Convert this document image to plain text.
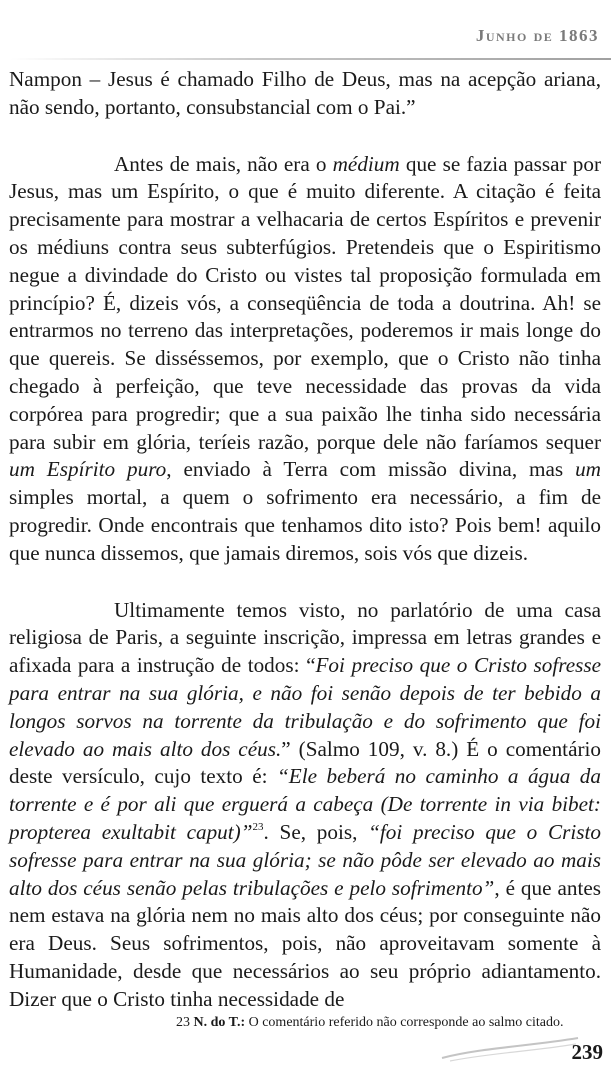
Junho de 1863

Nampon – Jesus é chamado Filho de Deus, mas na acepção ariana, não sendo, portanto, consubstancial com o Pai.”

Antes de mais, não era o médium que se fazia passar por Jesus, mas um Espírito, o que é muito diferente. A citação é feita precisamente para mostrar a velhacaria de certos Espíritos e prevenir os médiuns contra seus subterfúgios. Pretendeis que o Espiritismo negue a divindade do Cristo ou vistes tal proposição formulada em princípio? É, dizeis vós, a conseqüência de toda a doutrina. Ah! se entrarmos no terreno das interpretações, poderemos ir mais longe do que quereis. Se disséssemos, por exemplo, que o Cristo não tinha chegado à perfeição, que teve necessidade das provas da vida corpórea para progredir; que a sua paixão lhe tinha sido necessária para subir em glória, teríeis razão, porque dele não faríamos sequer um Espírito puro, enviado à Terra com missão divina, mas um simples mortal, a quem o sofrimento era necessário, a fim de progredir. Onde encontrais que tenhamos dito isto? Pois bem! aquilo que nunca dissemos, que jamais diremos, sois vós que dizeis.

Ultimamente temos visto, no parlatório de uma casa religiosa de Paris, a seguinte inscrição, impressa em letras grandes e afixada para a instrução de todos: “Foi preciso que o Cristo sofresse para entrar na sua glória, e não foi senão depois de ter bebido a longos sorvos na torrente da tribulação e do sofrimento que foi elevado ao mais alto dos céus.” (Salmo 109, v. 8.) É o comentário deste versículo, cujo texto é: “Ele beberá no caminho a água da torrente e é por ali que erguerá a cabeça (De torrente in via bibet: propterea exultabit caput)”$^{23}$. Se, pois, “foi preciso que o Cristo sofresse para entrar na sua glória; se não pôde ser elevado ao mais alto dos céus senão pelas tribulações e pelo sofrimento”, é que antes nem estava na glória nem no mais alto dos céus; por conseguinte não era Deus. Seus sofrimentos, pois, não aproveitavam somente à Humanidade, desde que necessários ao seu próprio adiantamento. Dizer que o Cristo tinha necessidade de

23 N. do T.: O comentário referido não corresponde ao salmo citado.
239
